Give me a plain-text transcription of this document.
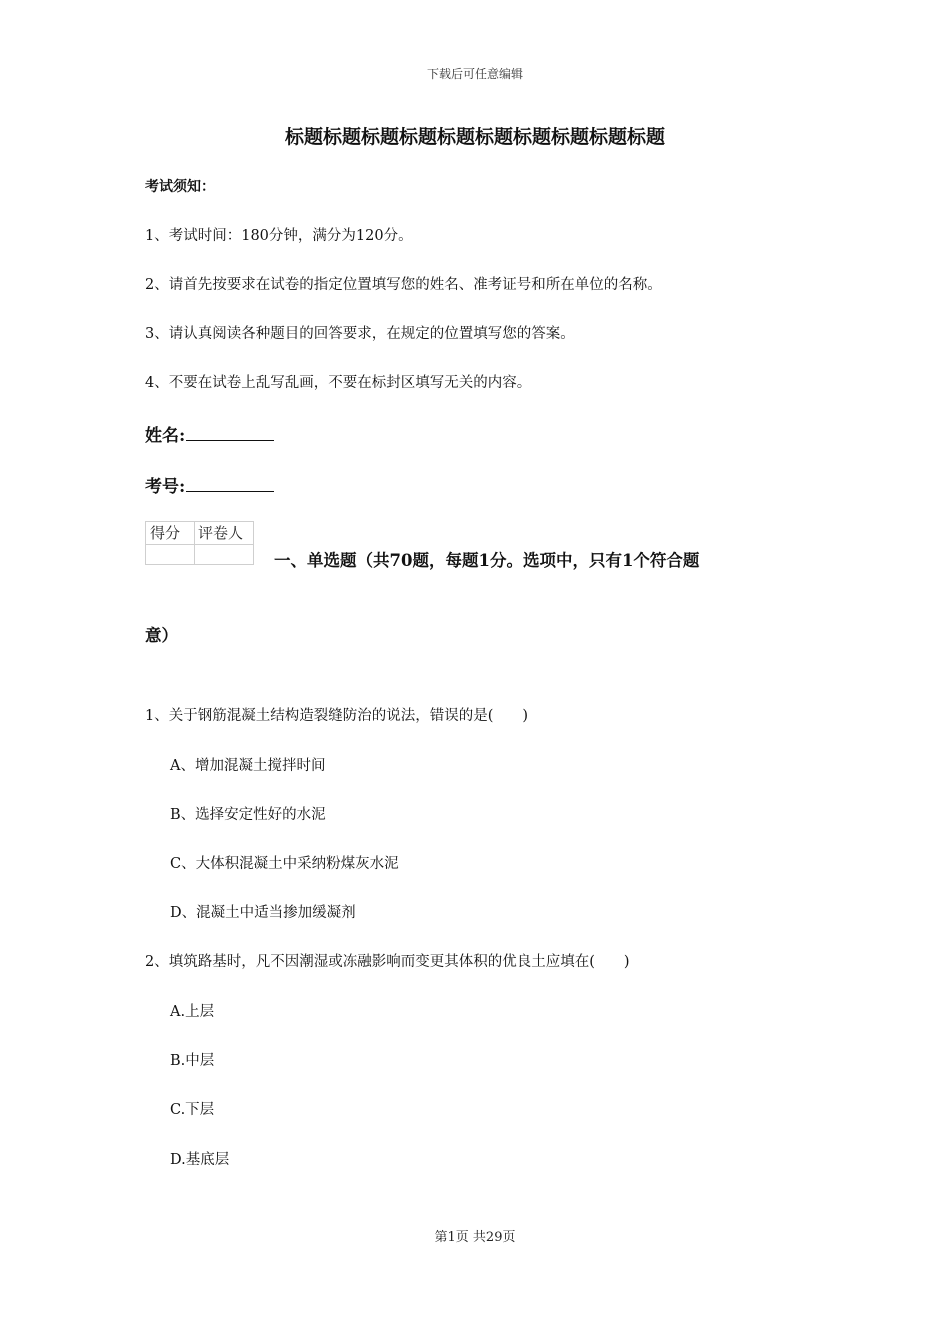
下载后可任意编辑

标题标题标题标题标题标题标题标题标题标题

考试须知：

1、考试时间：180分钟，满分为120分。

2、请首先按要求在试卷的指定位置填写您的姓名、准考证号和所在单位的名称。

3、请认真阅读各种题目的回答要求，在规定的位置填写您的答案。

4、不要在试卷上乱写乱画，不要在标封区填写无关的内容。

姓名:
考号:
得分 评卷人

一、单选题（共70题，每题1分。选项中，只有1个符合题

意）

1、关于钢筋混凝土结构造裂缝防治的说法，错误的是(　　)

A、增加混凝土搅拌时间

B、选择安定性好的水泥

C、大体积混凝土中采纳粉煤灰水泥

D、混凝土中适当掺加缓凝剂

2、填筑路基时，凡不因潮湿或冻融影响而变更其体积的优良土应填在(　　)

A.上层

B.中层

C.下层

D.基底层

第1页 共29页
